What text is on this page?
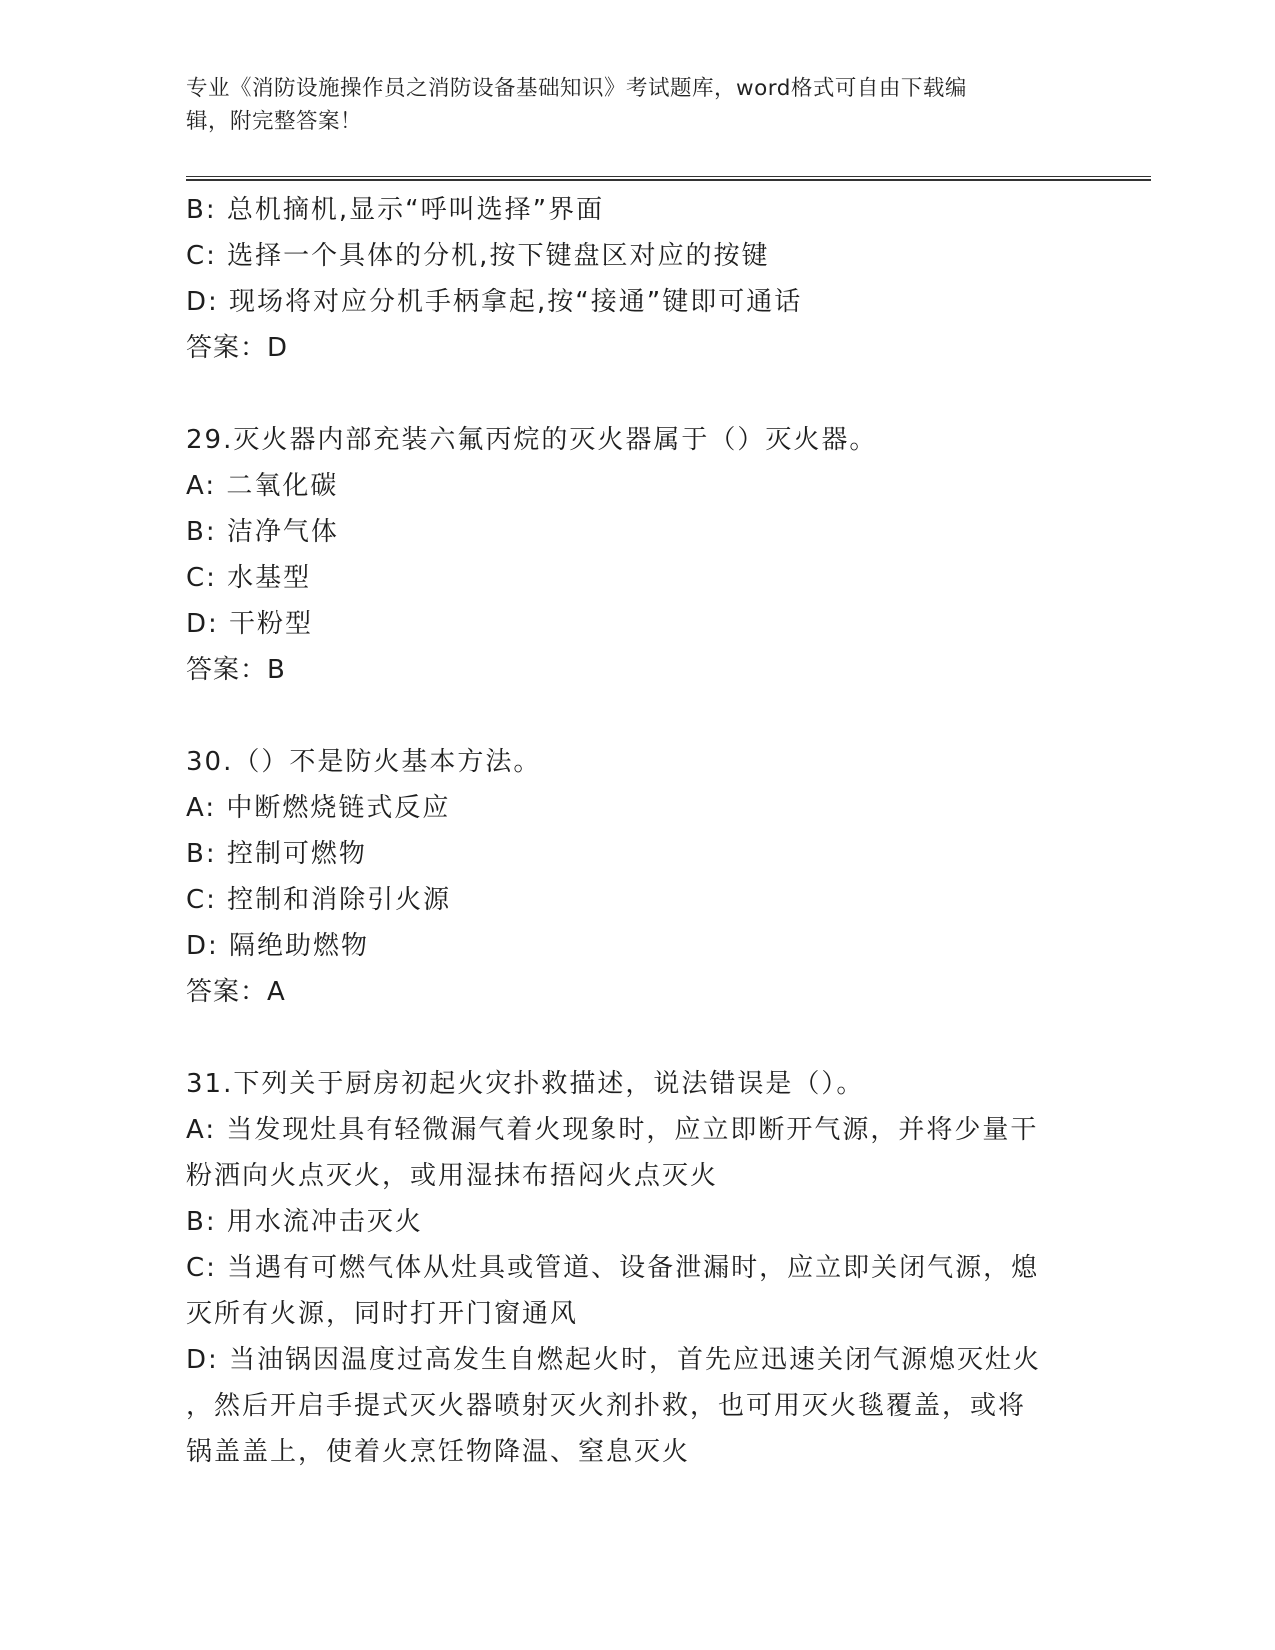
专业《消防设施操作员之消防设备基础知识》考试题库，word格式可自由下载编
辑，附完整答案！
B: 总机摘机,显示“呼叫选择”界面
C: 选择一个具体的分机,按下键盘区对应的按键
D: 现场将对应分机手柄拿起,按“接通”键即可通话
答案：D
29.灭火器内部充装六氟丙烷的灭火器属于（）灭火器。
A: 二氧化碳
B: 洁净气体
C: 水基型
D: 干粉型
答案：B
30.（）不是防火基本方法。
A: 中断燃烧链式反应
B: 控制可燃物
C: 控制和消除引火源
D: 隔绝助燃物
答案：A
31.下列关于厨房初起火灾扑救描述，说法错误是（）。
A: 当发现灶具有轻微漏气着火现象时，应立即断开气源，并将少量干
粉洒向火点灭火，或用湿抹布捂闷火点灭火
B: 用水流冲击灭火
C: 当遇有可燃气体从灶具或管道、设备泄漏时，应立即关闭气源，熄
灭所有火源，同时打开门窗通风
D: 当油锅因温度过高发生自燃起火时，首先应迅速关闭气源熄灭灶火
，然后开启手提式灭火器喷射灭火剂扑救，也可用灭火毯覆盖，或将
锅盖盖上，使着火烹饪物降温、窒息灭火
